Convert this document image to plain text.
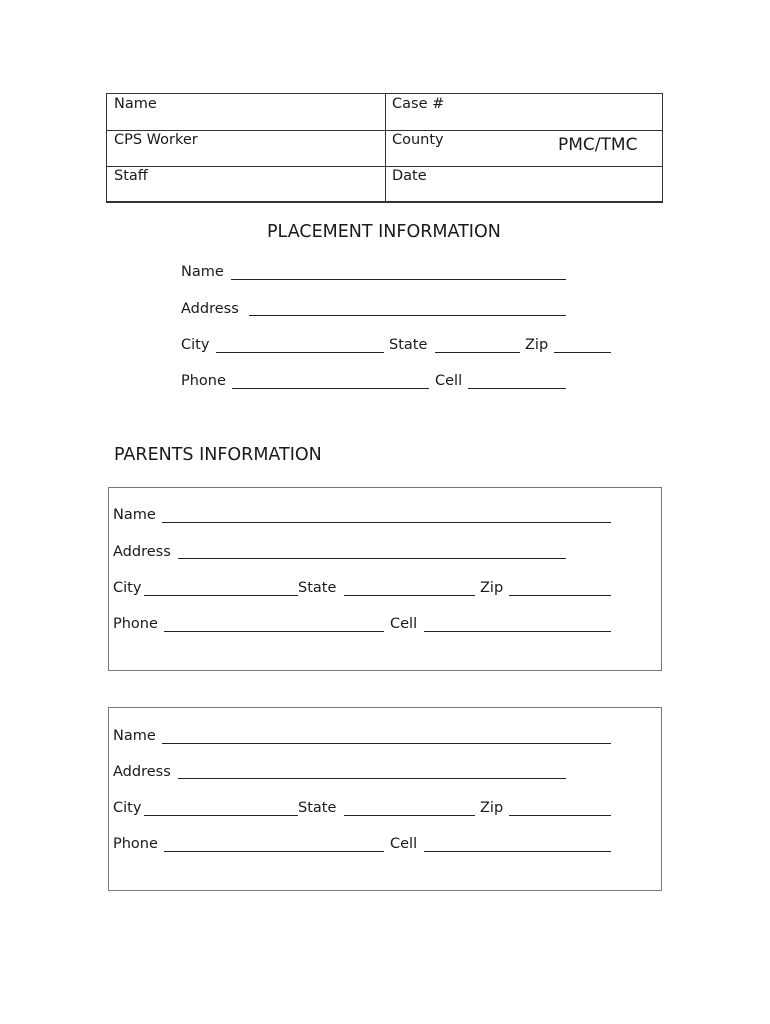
Name	Case #
CPS Worker	County	PMC/TMC
Staff	Date
PLACEMENT INFORMATION
Name
Address
City	State	Zip
Phone	Cell
PARENTS INFORMATION
Name
Address
City	State	Zip
Phone	Cell
Name
Address
City	State	Zip
Phone	Cell
